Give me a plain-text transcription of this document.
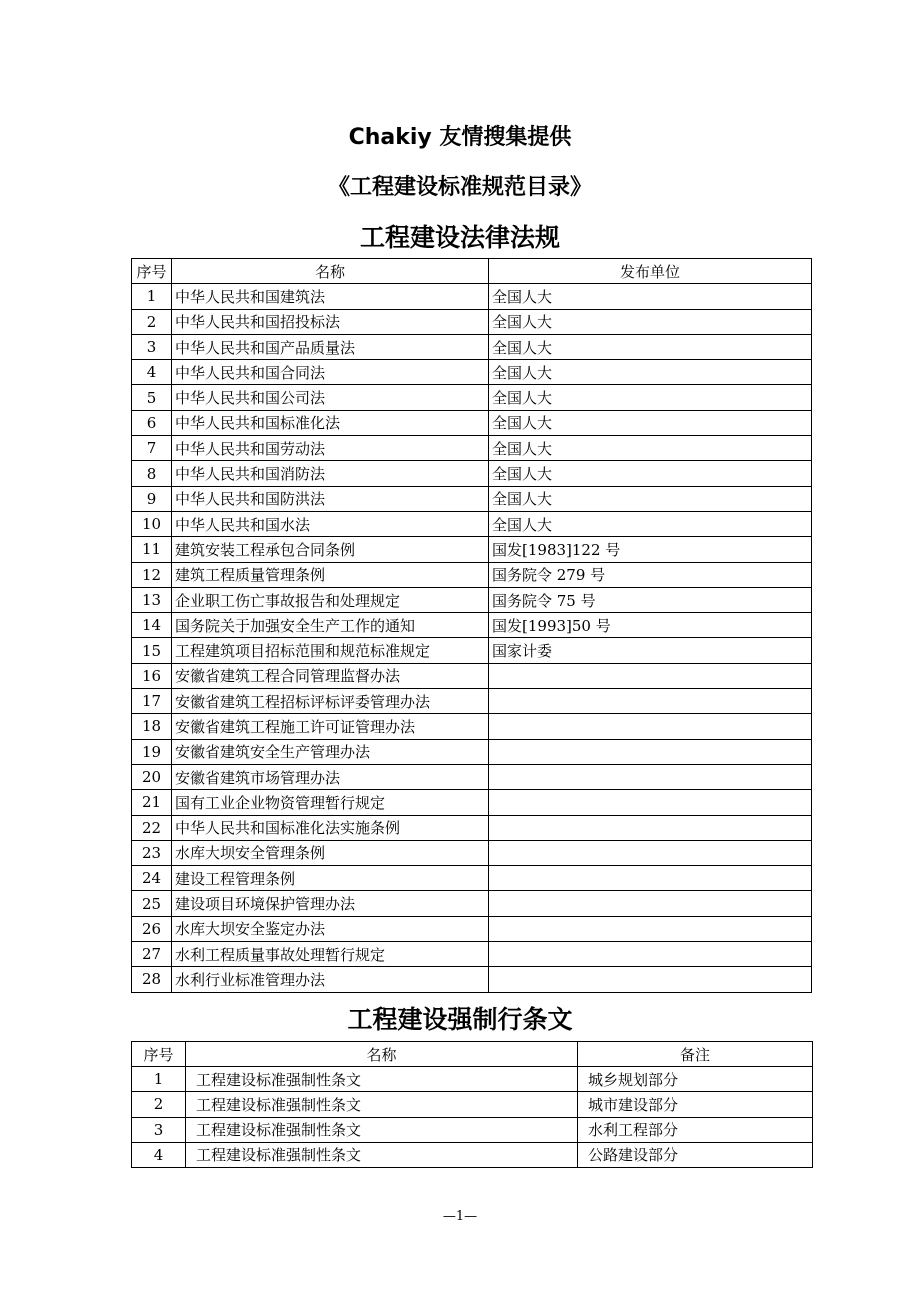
Chakiy 友情搜集提供
《工程建设标准规范目录》
工程建设法律法规
序号	名称	发布单位
1	中华人民共和国建筑法	全国人大
2	中华人民共和国招投标法	全国人大
3	中华人民共和国产品质量法	全国人大
4	中华人民共和国合同法	全国人大
5	中华人民共和国公司法	全国人大
6	中华人民共和国标准化法	全国人大
7	中华人民共和国劳动法	全国人大
8	中华人民共和国消防法	全国人大
9	中华人民共和国防洪法	全国人大
10	中华人民共和国水法	全国人大
11	建筑安装工程承包合同条例	国发[1983]122 号
12	建筑工程质量管理条例	国务院令 279 号
13	企业职工伤亡事故报告和处理规定	国务院令 75 号
14	国务院关于加强安全生产工作的通知	国发[1993]50 号
15	工程建筑项目招标范围和规范标准规定	国家计委
16	安徽省建筑工程合同管理监督办法	
17	安徽省建筑工程招标评标评委管理办法	
18	安徽省建筑工程施工许可证管理办法	
19	安徽省建筑安全生产管理办法	
20	安徽省建筑市场管理办法	
21	国有工业企业物资管理暂行规定	
22	中华人民共和国标准化法实施条例	
23	水库大坝安全管理条例	
24	建设工程管理条例	
25	建设项目环境保护管理办法	
26	水库大坝安全鉴定办法	
27	水利工程质量事故处理暂行规定	
28	水利行业标准管理办法	
工程建设强制行条文
序号	名称	备注
1	工程建设标准强制性条文	城乡规划部分
2	工程建设标准强制性条文	城市建设部分
3	工程建设标准强制性条文	水利工程部分
4	工程建设标准强制性条文	公路建设部分
—1—
